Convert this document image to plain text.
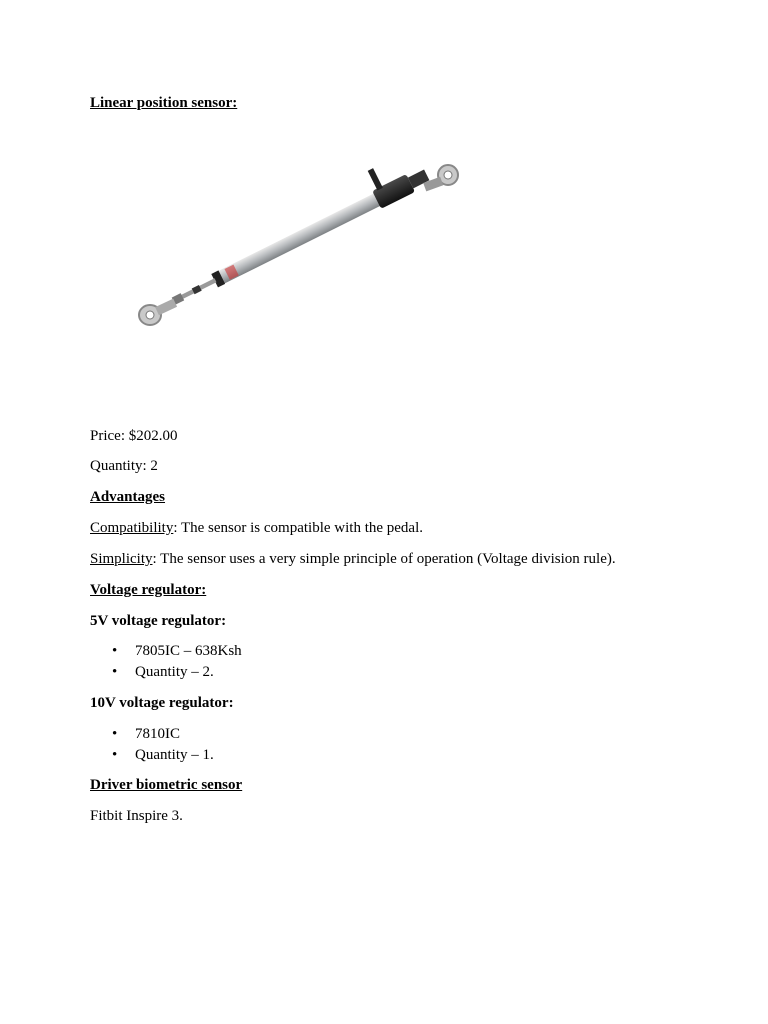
Linear position sensor:
Price: $202.00
Quantity: 2
Advantages
Compatibility: The sensor is compatible with the pedal.
Simplicity: The sensor uses a very simple principle of operation (Voltage division rule).
Voltage regulator:
5V voltage regulator:
• 7805IC – 638Ksh
• Quantity – 2.
10V voltage regulator:
• 7810IC
• Quantity – 1.
Driver biometric sensor
Fitbit Inspire 3.
